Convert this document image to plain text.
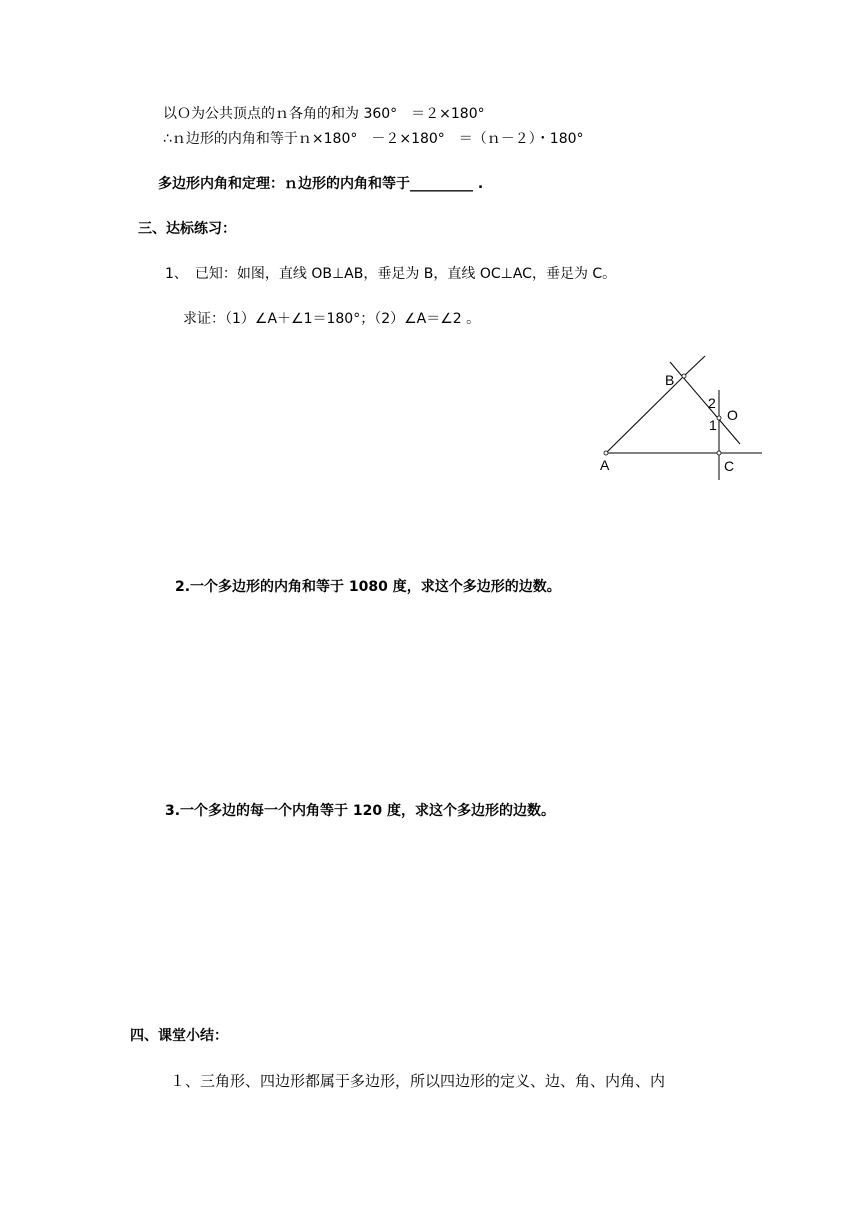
以Ｏ为公共顶点的ｎ各角的和为 360°　＝２×180°
∴ｎ边形的内角和等于ｎ×180°　－２×180°　＝（ｎ－２）・180°
多边形内角和定理：ｎ边形的内角和等于_________ .
三、达标练习：
1、　已知：如图，直线 OB⊥AB，垂足为 B，直线 OC⊥AC，垂足为 C。
求证：（1）∠A＋∠1＝180°；（2）∠A＝∠2 。
A
B
C
O
2
1
2.一个多边形的内角和等于 1080 度，求这个多边形的边数。
3.一个多边的每一个内角等于 120 度，求这个多边形的边数。
四、课堂小结：
１、三角形、四边形都属于多边形，所以四边形的定义、边、角、内角、内
